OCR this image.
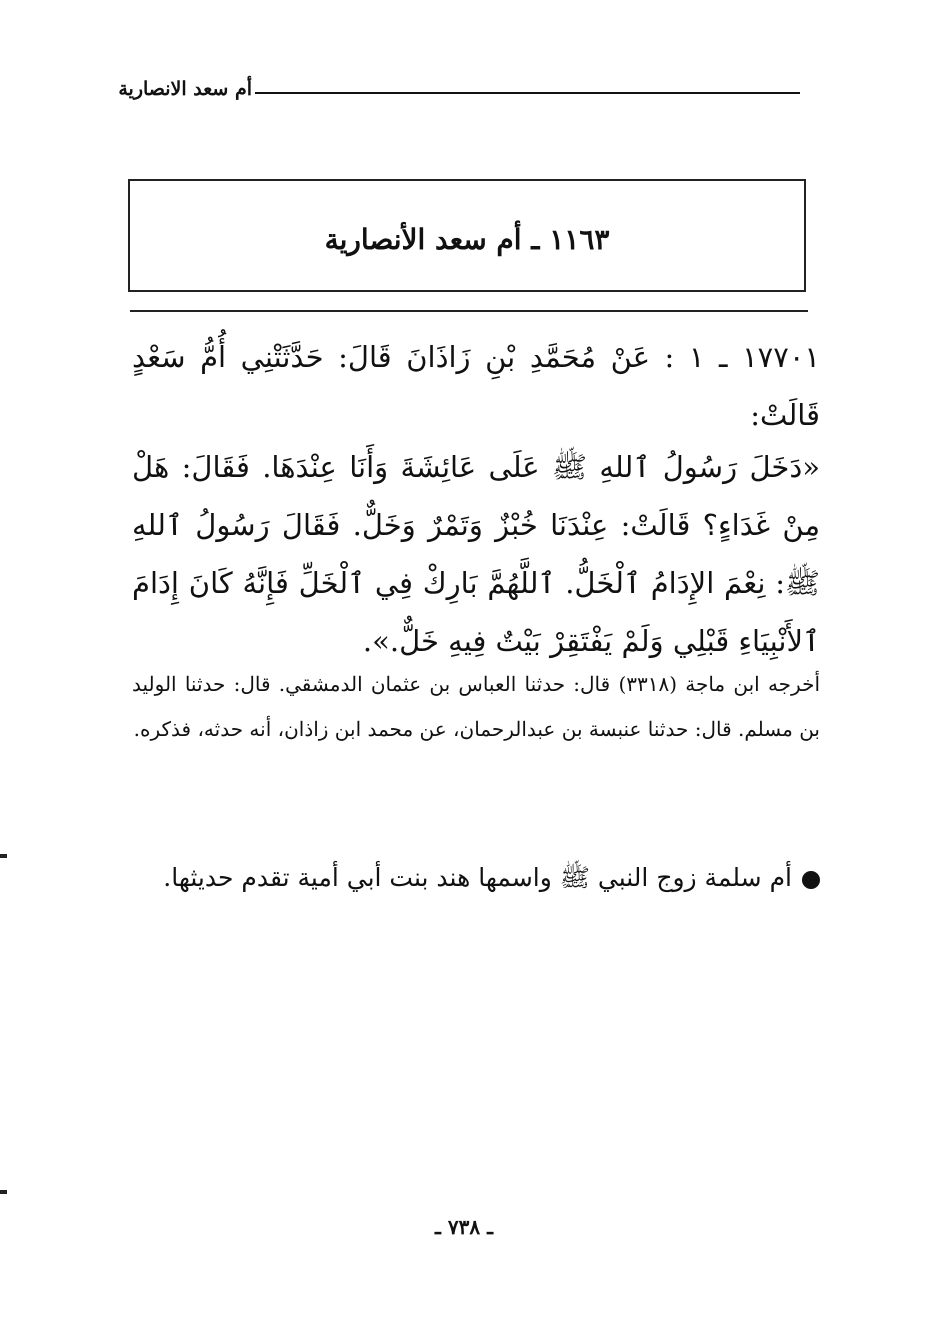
أم سعد الانصارية
١١٦٣ ـ أم سعد الأنصارية
١٧٧٠١ ـ ١ : عَنْ مُحَمَّدِ بْنِ زَاذَانَ قَالَ: حَدَّثَتْنِي أُمُّ سَعْدٍ قَالَتْ:
«دَخَلَ رَسُولُ ٱللهِ ﷺ عَلَى عَائِشَةَ وَأَنَا عِنْدَهَا. فَقَالَ: هَلْ مِنْ غَدَاءٍ؟ قَالَتْ: عِنْدَنَا خُبْزٌ وَتَمْرٌ وَخَلٌّ. فَقَالَ رَسُولُ ٱللهِ ﷺ: نِعْمَ الإِدَامُ ٱلْخَلُّ. ٱللَّهُمَّ بَارِكْ فِي ٱلْخَلِّ فَإِنَّهُ كَانَ إِدَامَ ٱلأَنْبِيَاءِ قَبْلِي وَلَمْ يَفْتَقِرْ بَيْتٌ فِيهِ خَلٌّ.».
أخرجه ابن ماجة (٣٣١٨) قال: حدثنا العباس بن عثمان الدمشقي. قال: حدثنا الوليد بن مسلم. قال: حدثنا عنبسة بن عبدالرحمان، عن محمد ابن زاذان، أنه حدثه، فذكره.
أم سلمة زوج النبي ﷺ واسمها هند بنت أبي أمية تقدم حديثها.
ـ ٧٣٨ ـ
